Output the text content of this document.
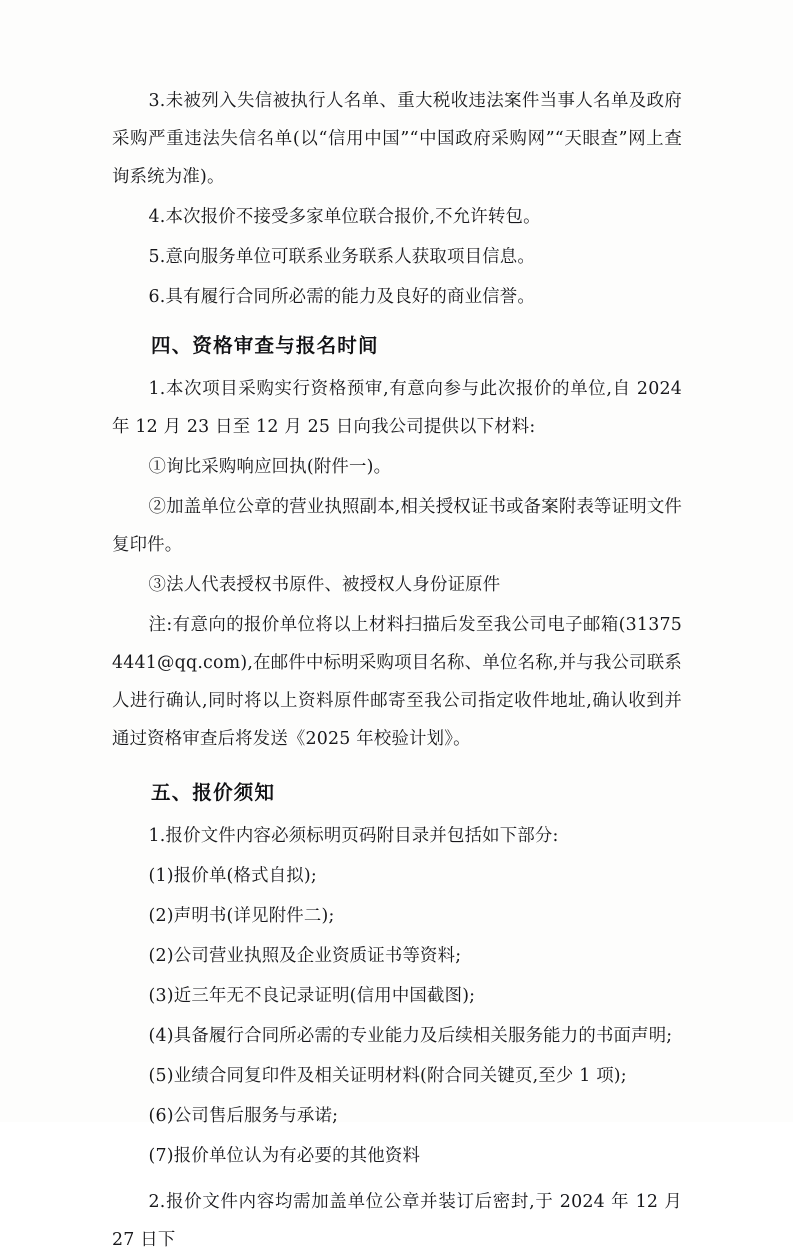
3.未被列入失信被执行人名单、重大税收违法案件当事人名单及政府采购严重违法失信名单(以“信用中国”“中国政府采购网”“天眼查”网上查询系统为准)。

4.本次报价不接受多家单位联合报价,不允许转包。

5.意向服务单位可联系业务联系人获取项目信息。

6.具有履行合同所必需的能力及良好的商业信誉。

四、资格审查与报名时间

1.本次项目采购实行资格预审,有意向参与此次报价的单位,自 2024 年 12 月 23 日至 12 月 25 日向我公司提供以下材料:

①询比采购响应回执(附件一)。

②加盖单位公章的营业执照副本,相关授权证书或备案附表等证明文件复印件。

③法人代表授权书原件、被授权人身份证原件

注:有意向的报价单位将以上材料扫描后发至我公司电子邮箱(313754441@qq.com),在邮件中标明采购项目名称、单位名称,并与我公司联系人进行确认,同时将以上资料原件邮寄至我公司指定收件地址,确认收到并通过资格审查后将发送《2025 年校验计划》。

五、报价须知

1.报价文件内容必须标明页码附目录并包括如下部分:

(1)报价单(格式自拟);

(2)声明书(详见附件二);

(2)公司营业执照及企业资质证书等资料;

(3)近三年无不良记录证明(信用中国截图);

(4)具备履行合同所必需的专业能力及后续相关服务能力的书面声明;

(5)业绩合同复印件及相关证明材料(附合同关键页,至少 1 项);

(6)公司售后服务与承诺;

(7)报价单位认为有必要的其他资料

2.报价文件内容均需加盖单位公章并装订后密封,于 2024 年 12 月 27 日下
